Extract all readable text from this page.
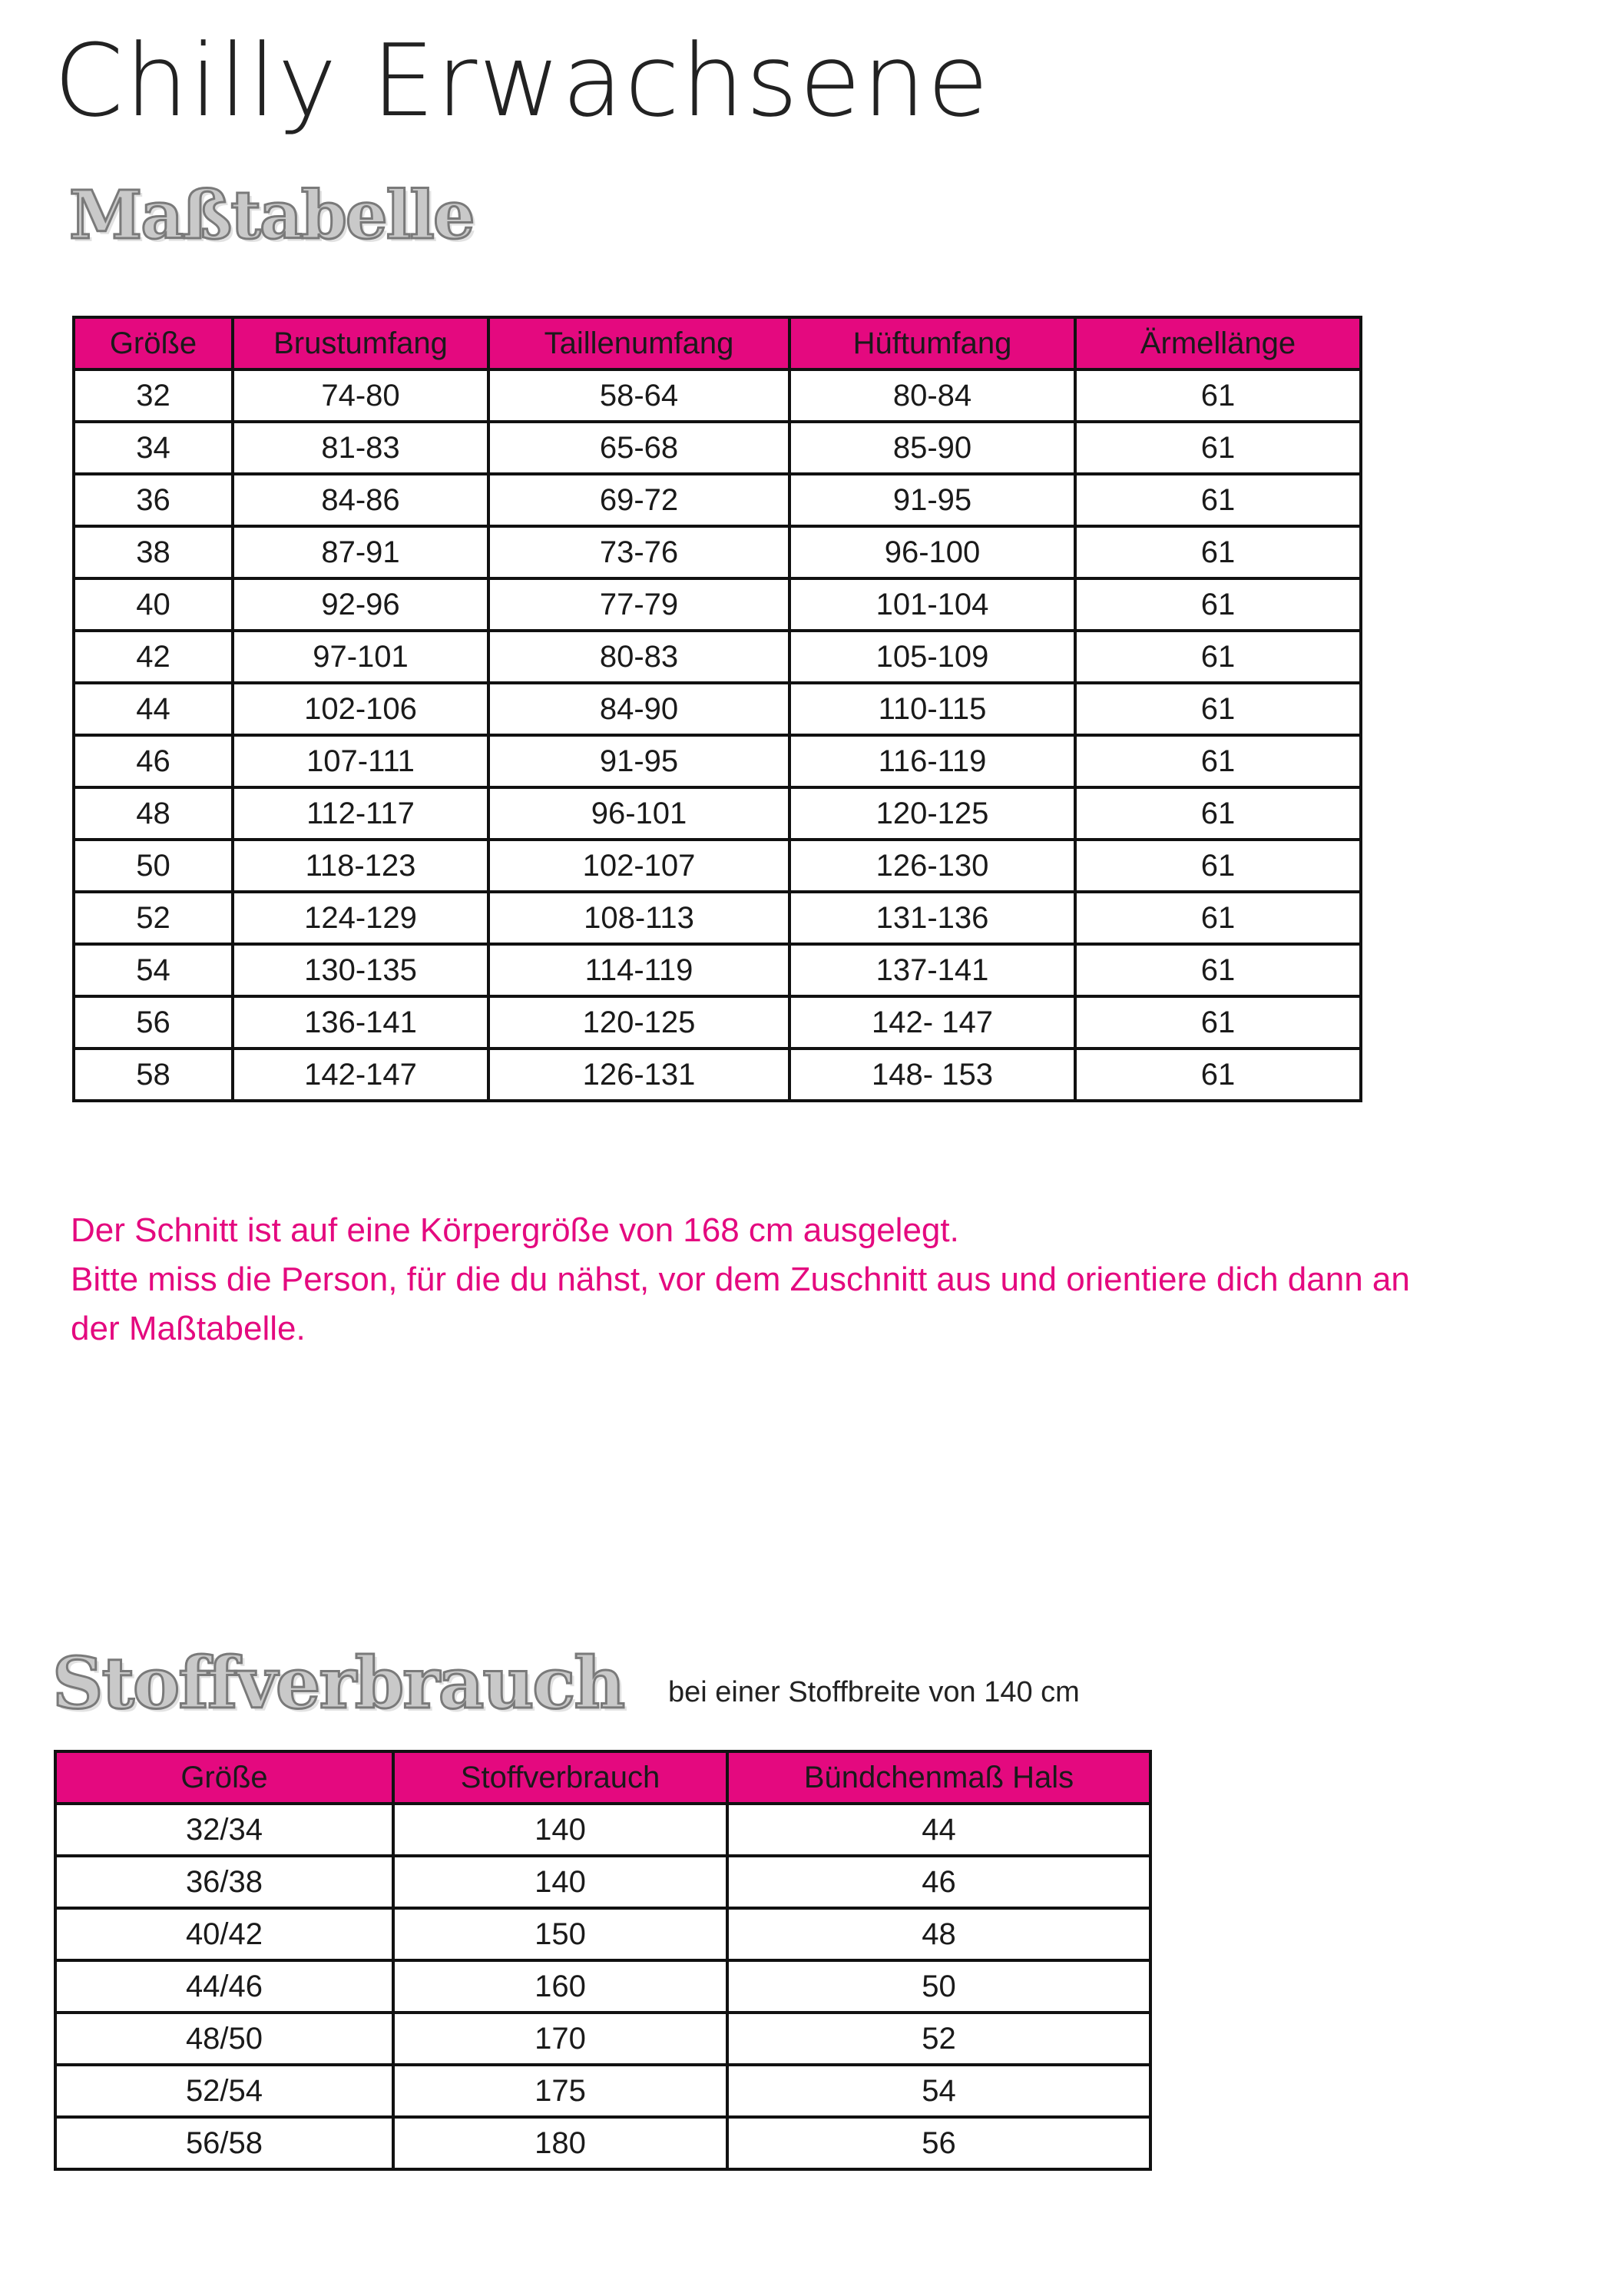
Chilly Erwachsene
Maßtabelle
Größe	Brustumfang	Taillenumfang	Hüftumfang	Ärmellänge
32	74-80	58-64	80-84	61
34	81-83	65-68	85-90	61
36	84-86	69-72	91-95	61
38	87-91	73-76	96-100	61
40	92-96	77-79	101-104	61
42	97-101	80-83	105-109	61
44	102-106	84-90	110-115	61
46	107-111	91-95	116-119	61
48	112-117	96-101	120-125	61
50	118-123	102-107	126-130	61
52	124-129	108-113	131-136	61
54	130-135	114-119	137-141	61
56	136-141	120-125	142- 147	61
58	142-147	126-131	148- 153	61
Der Schnitt ist auf eine Körpergröße von 168 cm ausgelegt.
Bitte miss die Person, für die du nähst, vor dem Zuschnitt aus und orientiere dich dann an
der Maßtabelle.
Stoffverbrauch bei einer Stoffbreite von 140 cm
Größe	Stoffverbrauch	Bündchenmaß Hals
32/34	140	44
36/38	140	46
40/42	150	48
44/46	160	50
48/50	170	52
52/54	175	54
56/58	180	56
